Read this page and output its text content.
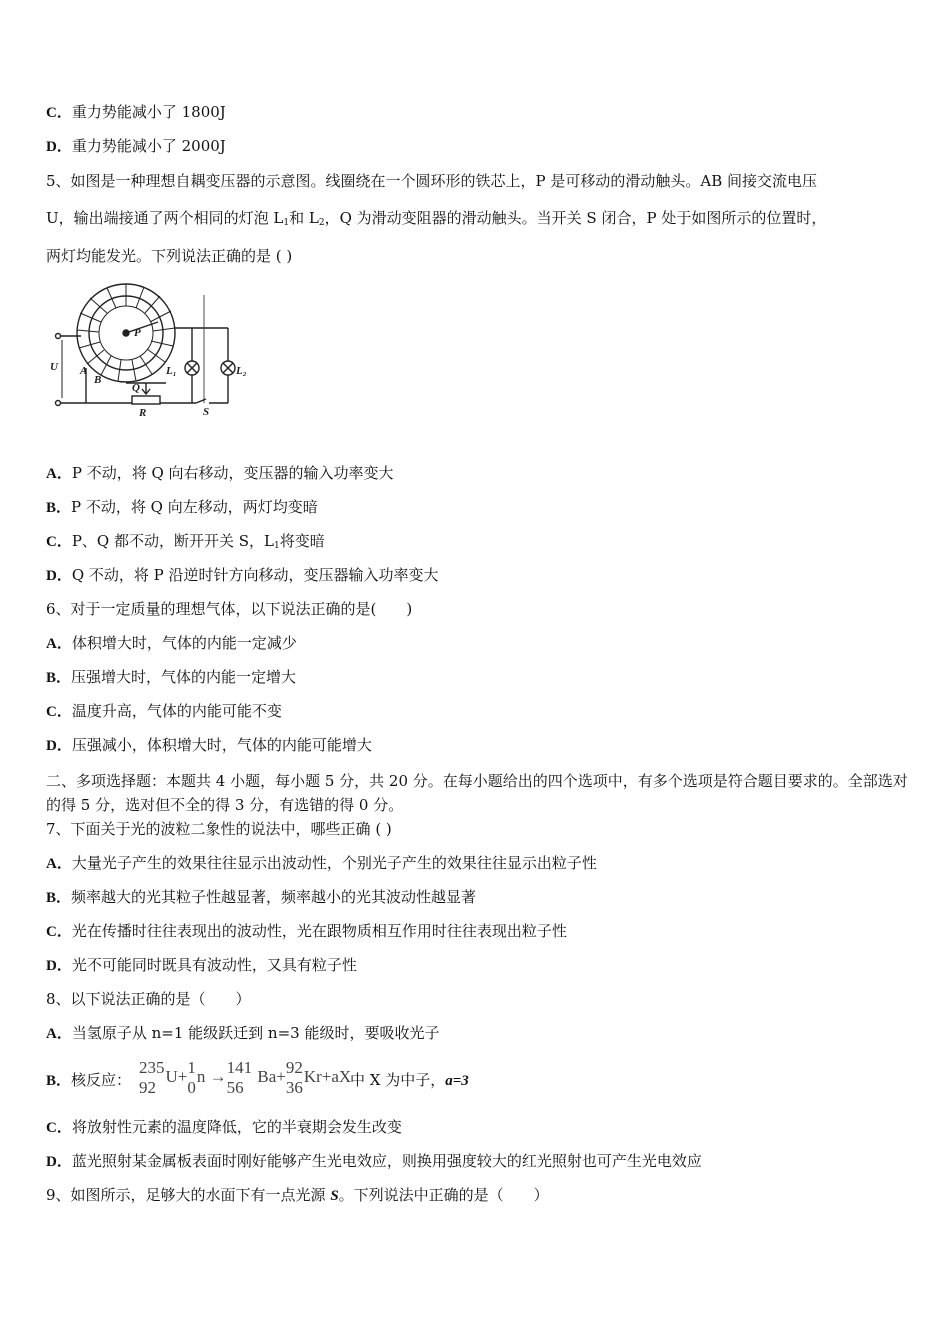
C．重力势能减小了 1800J
D．重力势能减小了 2000J
5、如图是一种理想自耦变压器的示意图。线圈绕在一个圆环形的铁芯上，P 是可移动的滑动触头。AB 间接交流电压
U，输出端接通了两个相同的灯泡 $L_1$和 $L_2$，Q 为滑动变阻器的滑动触头。当开关 S 闭合，P 处于如图所示的位置时，
两灯均能发光。下列说法正确的是 ( )
P
U A
B
Q
R
L₁	L₂
S
A．P 不动，将 Q 向右移动，变压器的输入功率变大
B．P 不动，将 Q 向左移动，两灯均变暗
C．P、Q 都不动，断开开关 S，$L_1$将变暗
D．Q 不动，将 P 沿逆时针方向移动，变压器输入功率变大
6、对于一定质量的理想气体，以下说法正确的是(　　)
A．体积增大时，气体的内能一定减少
B．压强增大时，气体的内能一定增大
C．温度升高，气体的内能可能不变
D．压强减小，体积增大时，气体的内能可能增大
二、多项选择题：本题共 4 小题，每小题 5 分，共 20 分。在每小题给出的四个选项中，有多个选项是符合题目要求的。全部选对的得 5 分，选对但不全的得 3 分，有选错的得 0 分。
7、下面关于光的波粒二象性的说法中，哪些正确 ( )
A．大量光子产生的效果往往显示出波动性，个别光子产生的效果往往显示出粒子性
B．频率越大的光其粒子性越显著，频率越小的光其波动性越显著
C．光在传播时往往表现出的波动性，光在跟物质相互作用时往往表现出粒子性
D．光不可能同时既具有波动性，又具有粒子性
8、以下说法正确的是（　　）
A．当氢原子从 n=1 能级跃迁到 n=3 能级时，要吸收光子
B．核反应：
235
92
U+ 1
0
n → 141
56
Ba+ 92
36
Kr+aX
中 X 为中子，a=3
C．将放射性元素的温度降低，它的半衰期会发生改变
D．蓝光照射某金属板表面时刚好能够产生光电效应，则换用强度较大的红光照射也可产生光电效应
9、如图所示，足够大的水面下有一点光源 S。下列说法中正确的是（　　）
